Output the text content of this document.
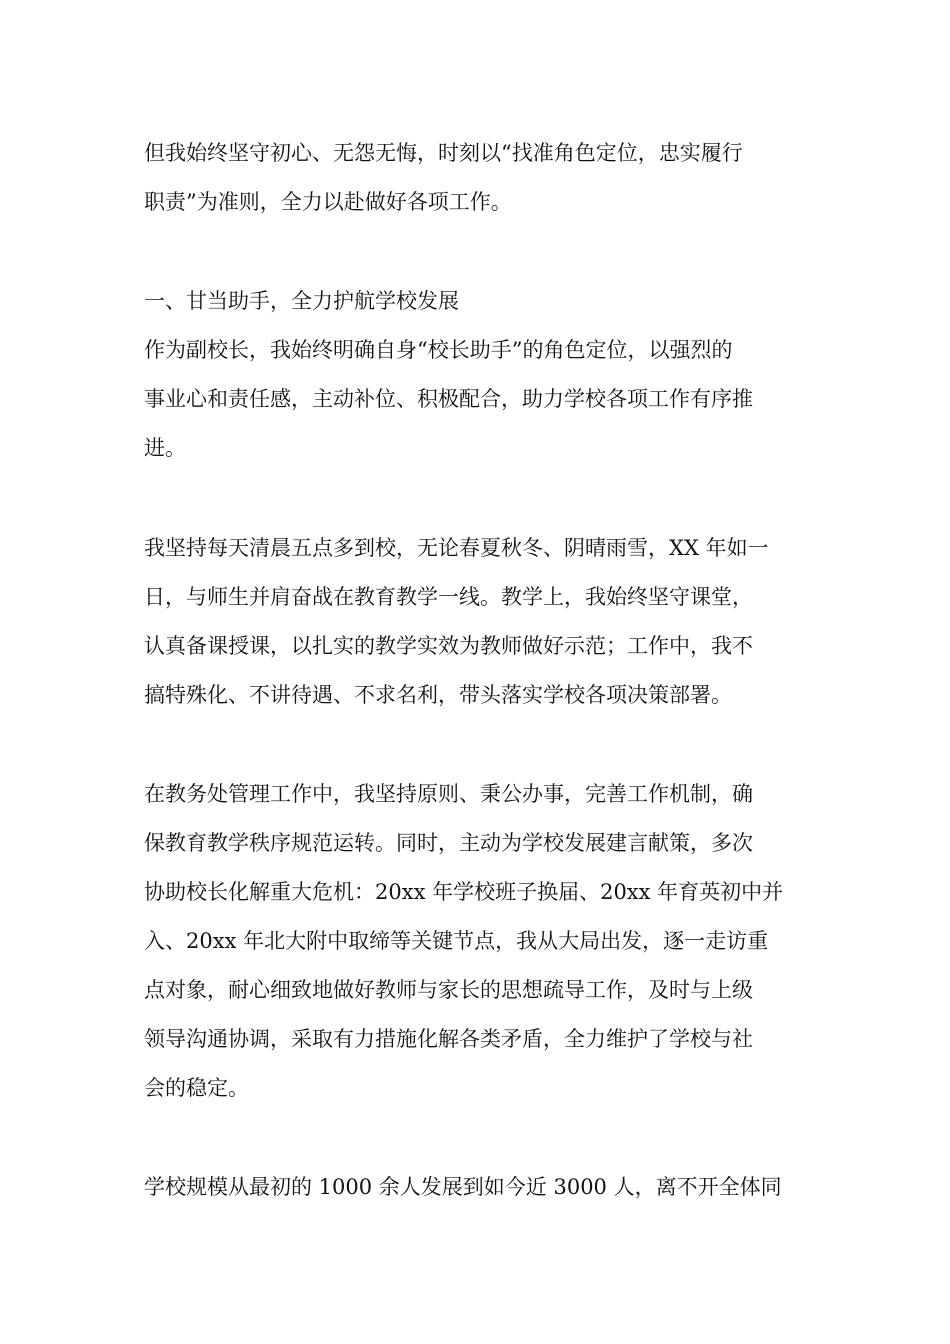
但我始终坚守初心、无怨无悔，时刻以“找准角色定位，忠实履行

职责”为准则，全力以赴做好各项工作。

一、甘当助手，全力护航学校发展

作为副校长，我始终明确自身“校长助手”的角色定位，以强烈的

事业心和责任感，主动补位、积极配合，助力学校各项工作有序推

进。

我坚持每天清晨五点多到校，无论春夏秋冬、阴晴雨雪，XX 年如一

日，与师生并肩奋战在教育教学一线。教学上，我始终坚守课堂，

认真备课授课，以扎实的教学实效为教师做好示范；工作中，我不

搞特殊化、不讲待遇、不求名利，带头落实学校各项决策部署。

在教务处管理工作中，我坚持原则、秉公办事，完善工作机制，确

保教育教学秩序规范运转。同时，主动为学校发展建言献策，多次

协助校长化解重大危机：20xx 年学校班子换届、20xx 年育英初中并

入、20xx 年北大附中取缔等关键节点，我从大局出发，逐一走访重

点对象，耐心细致地做好教师与家长的思想疏导工作，及时与上级

领导沟通协调，采取有力措施化解各类矛盾，全力维护了学校与社

会的稳定。

学校规模从最初的 1000 余人发展到如今近 3000 人，离不开全体同
